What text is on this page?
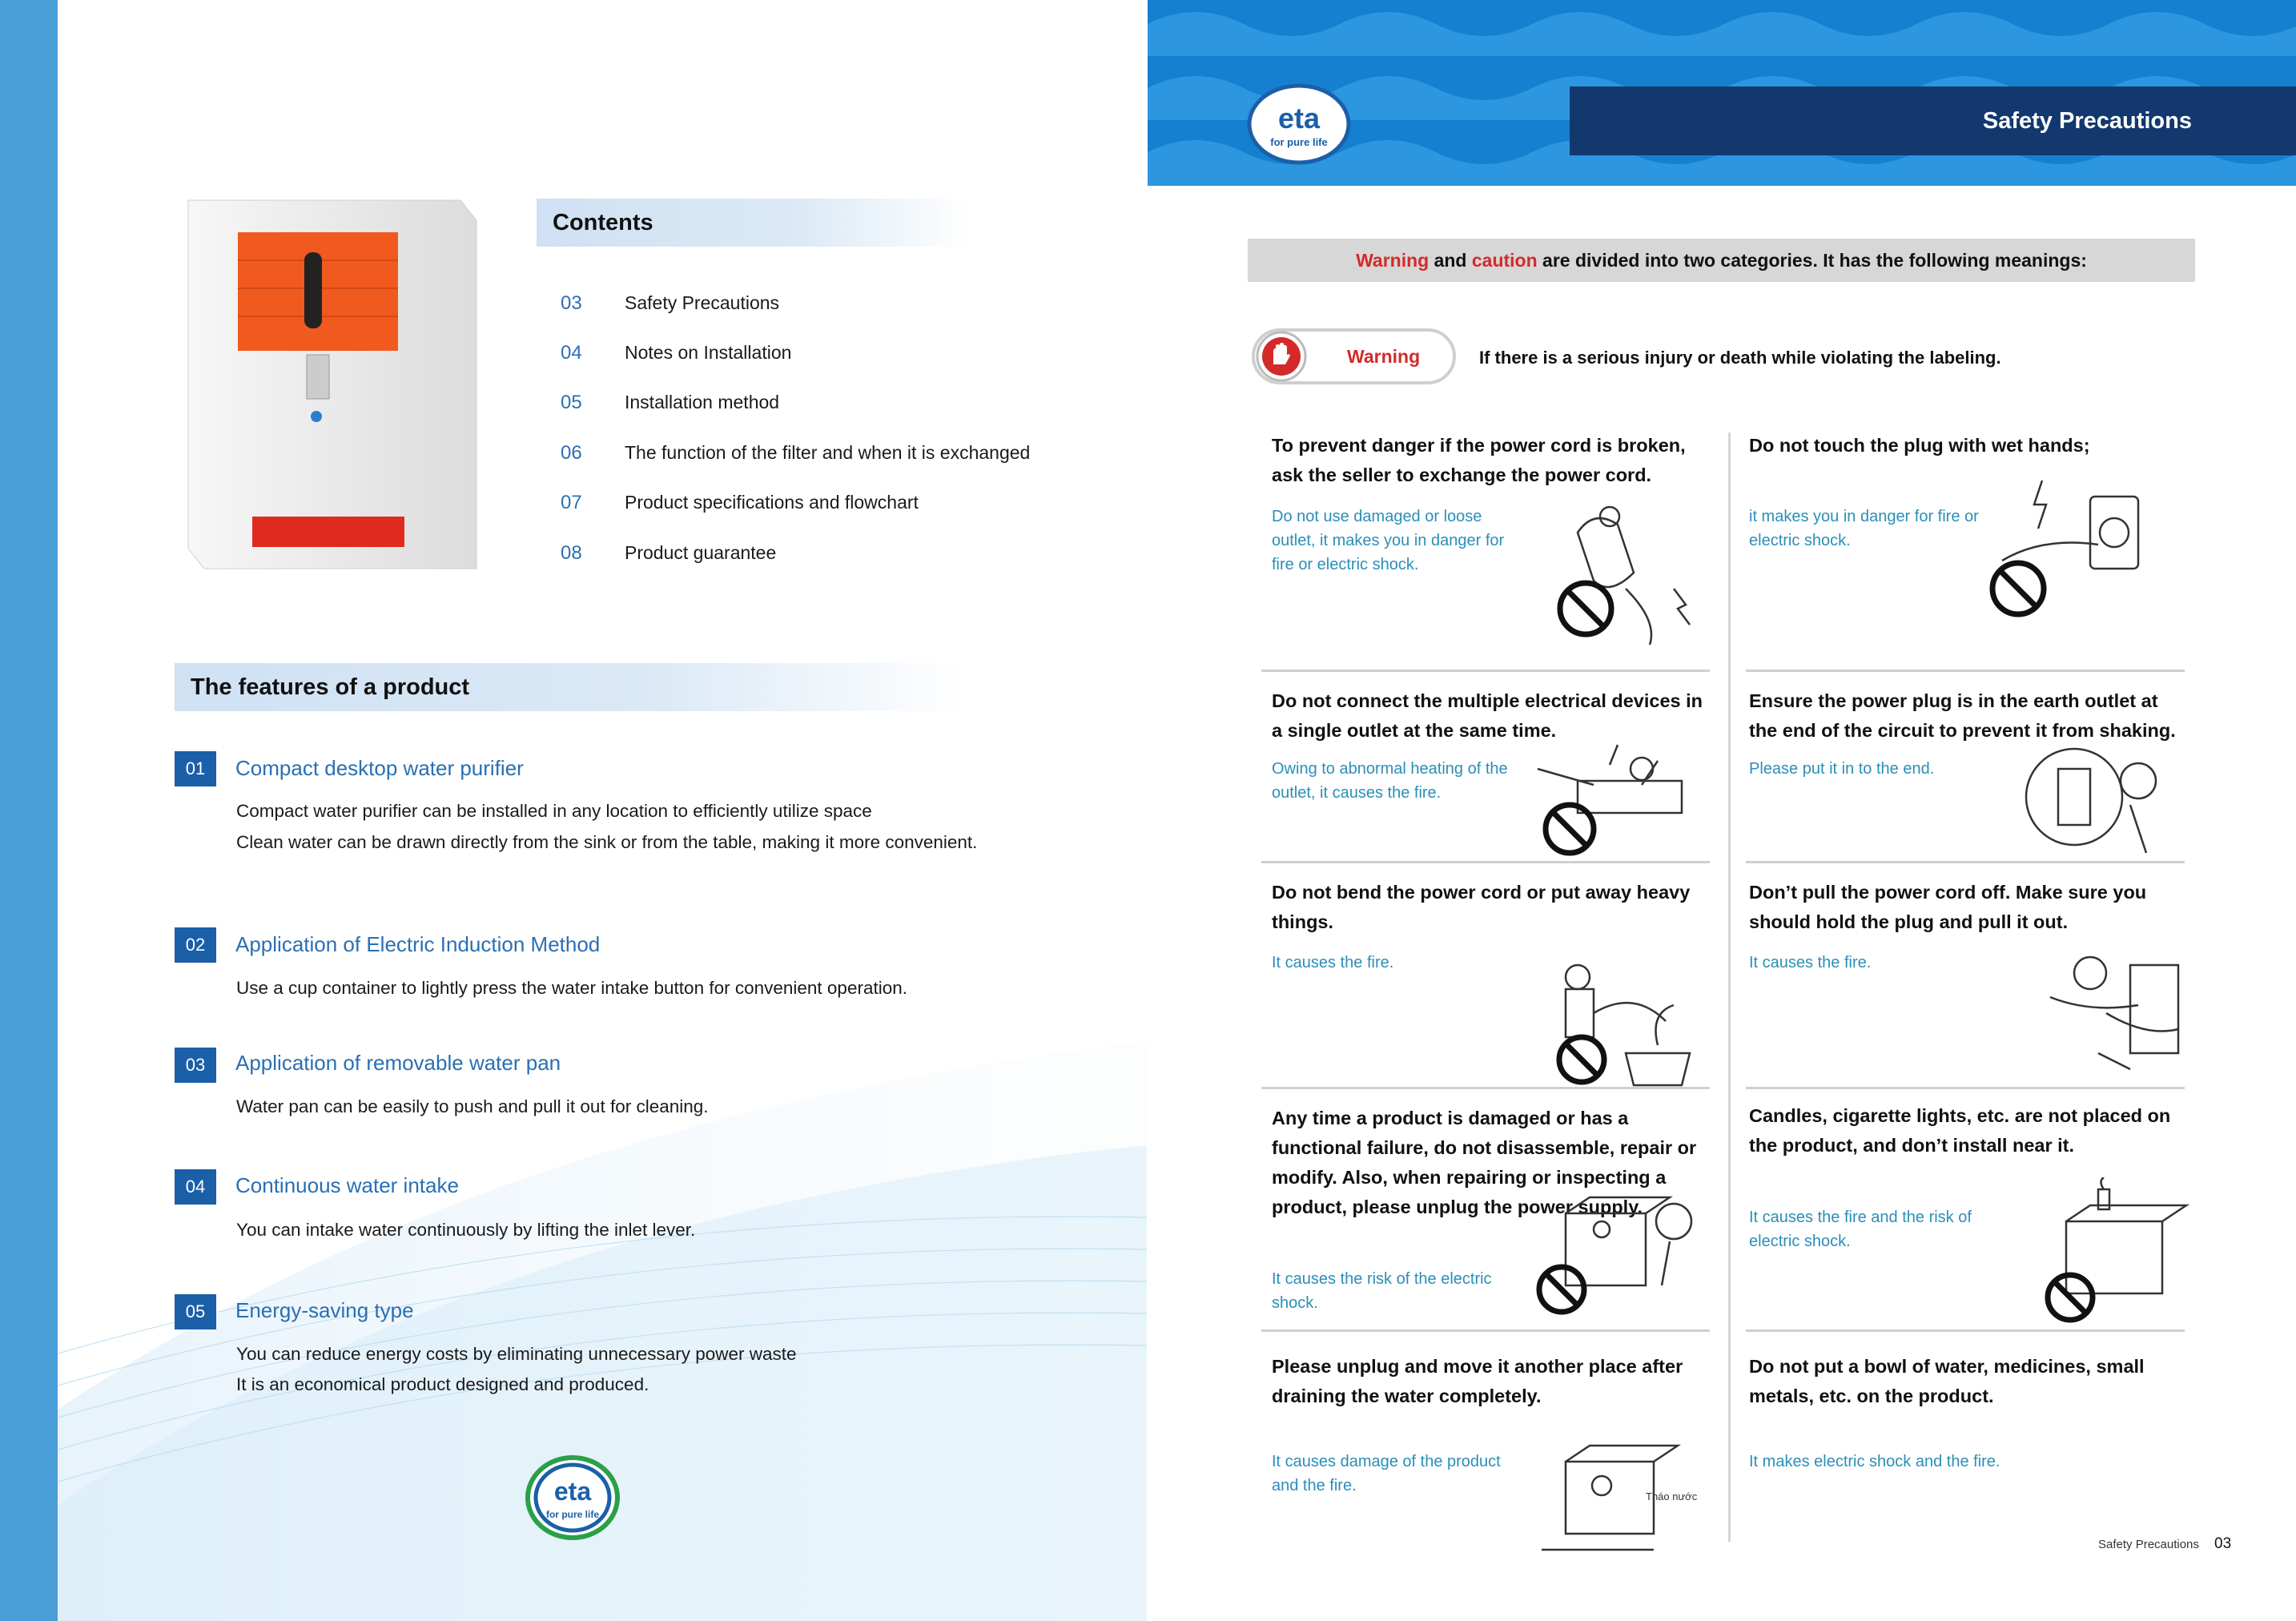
Contents
03 Safety Precautions
04 Notes on Installation
05 Installation method
06 The function of the filter and when it is exchanged
07 Product specifications and flowchart
08 Product guarantee
The features of a product
01	Compact desktop water purifier
Compact water purifier can be installed in any location to efficiently utilize space
Clean water can be drawn directly from the sink or from the table, making it more convenient.
02	Application of Electric Induction Method
Use a cup container to lightly press the water intake button for convenient operation.
03	Application of removable water pan
Water pan can be easily to push and pull it out for cleaning.
04	Continuous water intake
You can intake water continuously by lifting the inlet lever.
05	Energy-saving type
You can reduce energy costs by eliminating unnecessary power waste
It is an economical product designed and produced.
eta
for pure life
Safety Precautions
eta
for pure life
Warning and caution are divided into two categories. It has the following meanings:
Warning	If there is a serious injury or death while violating the labeling.
To prevent danger if the power cord is broken, ask the seller to exchange the power cord.
Do not use damaged or loose outlet, it makes you in danger for fire or electric shock.
Do not touch the plug with wet hands;
it makes you in danger for fire or electric shock.
Do not connect the multiple electrical devices in a single outlet at the same time.
Owing to abnormal heating of the outlet, it causes the fire.
Ensure the power plug is in the earth outlet at the end of the circuit to prevent it from shaking.
Please put it in to the end.
Do not bend the power cord or put away heavy things.
It causes the fire.
Don’t pull the power cord off. Make sure you should hold the plug and pull it out.
It causes the fire.
Any time a product is damaged or has a functional failure, do not disassemble, repair or modify. Also, when repairing or inspecting a product, please unplug the power supply.
It causes the risk of the electric shock.
Candles, cigarette lights, etc. are not placed on the product, and don’t install near it.
It causes the fire and the risk of electric shock.
Please unplug and move it another place after draining the water completely.
It causes damage of the product and the fire.
Do not put a bowl of water, medicines, small metals, etc. on the product.
It makes electric shock and the fire.
Tháo nước
Safety Precautions 03
